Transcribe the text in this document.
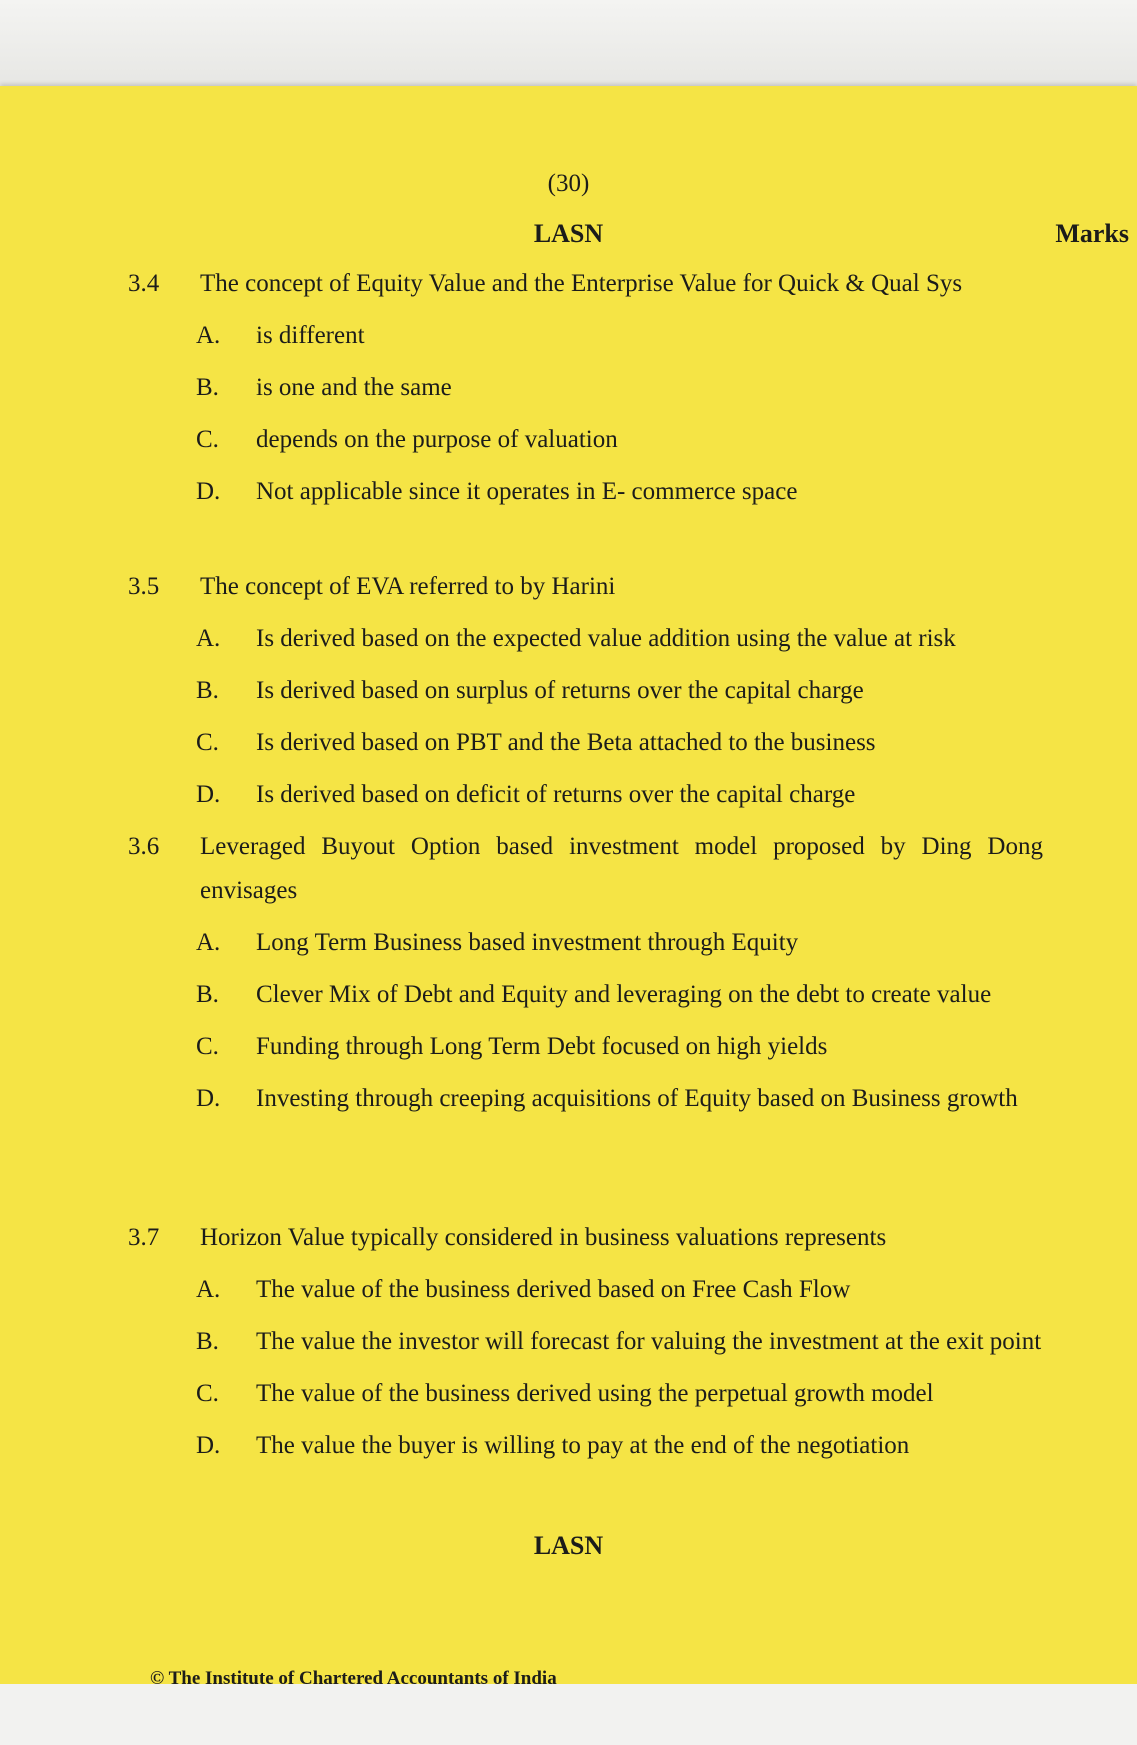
(30)
LASN	Marks
3.4 The concept of Equity Value and the Enterprise Value for Quick & Qual Sys
A. is different
B. is one and the same
C. depends on the purpose of valuation
D. Not applicable since it operates in E- commerce space
3.5 The concept of EVA referred to by Harini
A. Is derived based on the expected value addition using the value at risk
B. Is derived based on surplus of returns over the capital charge
C. Is derived based on PBT and the Beta attached to the business
D. Is derived based on deficit of returns over the capital charge
3.6 Leveraged Buyout Option based investment model proposed by Ding Dong envisages
A. Long Term Business based investment through Equity
B. Clever Mix of Debt and Equity and leveraging on the debt to create value
C. Funding through Long Term Debt focused on high yields
D. Investing through creeping acquisitions of Equity based on Business growth
3.7 Horizon Value typically considered in business valuations represents
A. The value of the business derived based on Free Cash Flow
B. The value the investor will forecast for valuing the investment at the exit point
C. The value of the business derived using the perpetual growth model
D. The value the buyer is willing to pay at the end of the negotiation
LASN
© The Institute of Chartered Accountants of India
